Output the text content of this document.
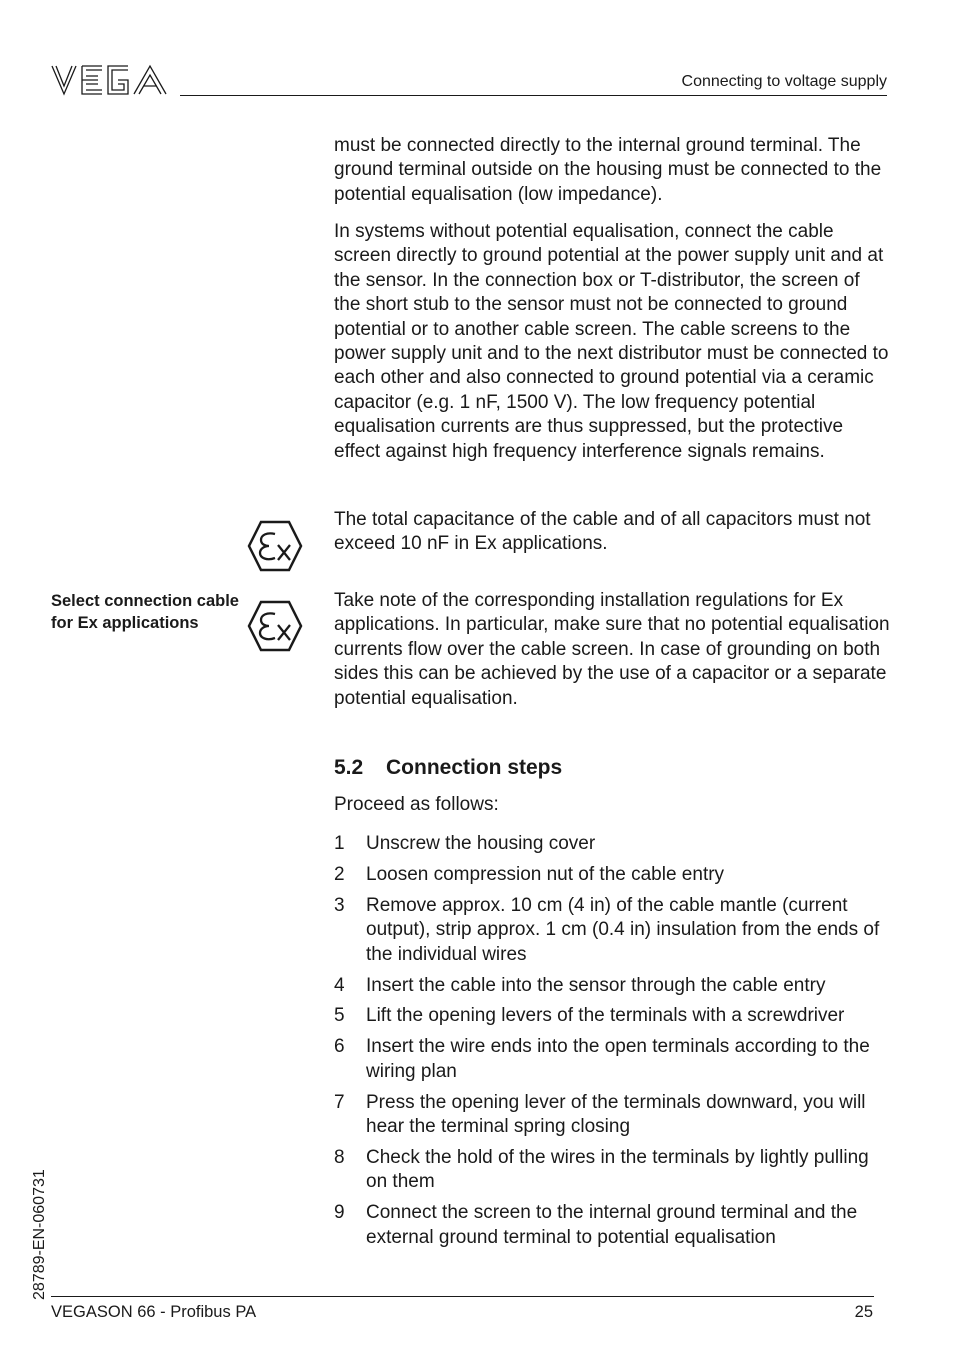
Connecting to voltage supply

must be connected directly to the internal ground terminal. The ground terminal outside on the housing must be connected to the potential equalisation (low impedance).

In systems without potential equalisation, connect the cable screen directly to ground potential at the power supply unit and at the sensor. In the connection box or T-distributor, the screen of the short stub to the sensor must not be connected to ground potential or to another cable screen. The cable screens to the power supply unit and to the next distributor must be connected to each other and also connected to ground potential via a ceramic capacitor (e.g. 1 nF, 1500 V). The low frequency potential equalisation currents are thus suppressed, but the protective effect against high frequency interference signals remains.

The total capacitance of the cable and of all capacitors must not exceed 10 nF in Ex applications.

Take note of the corresponding installation regulations for Ex applications. In particular, make sure that no potential equalisation currents flow over the cable screen. In case of grounding on both sides this can be achieved by the use of a capacitor or a separate potential equalisation.

Select connection cable for Ex applications
5.2 Connection steps
Proceed as follows:
1	Unscrew the housing cover
2	Loosen compression nut of the cable entry
3	Remove approx. 10 cm (4 in) of the cable mantle (current output), strip approx. 1 cm (0.4 in) insulation from the ends of the individual wires
4	Insert the cable into the sensor through the cable entry
5	Lift the opening levers of the terminals with a screwdriver
6	Insert the wire ends into the open terminals according to the wiring plan
7	Press the opening lever of the terminals downward, you will hear the terminal spring closing
8	Check the hold of the wires in the terminals by lightly pulling on them
9	Connect the screen to the internal ground terminal and the external ground terminal to potential equalisation
28789-EN-060731
VEGASON 66 - Profibus PA	25
